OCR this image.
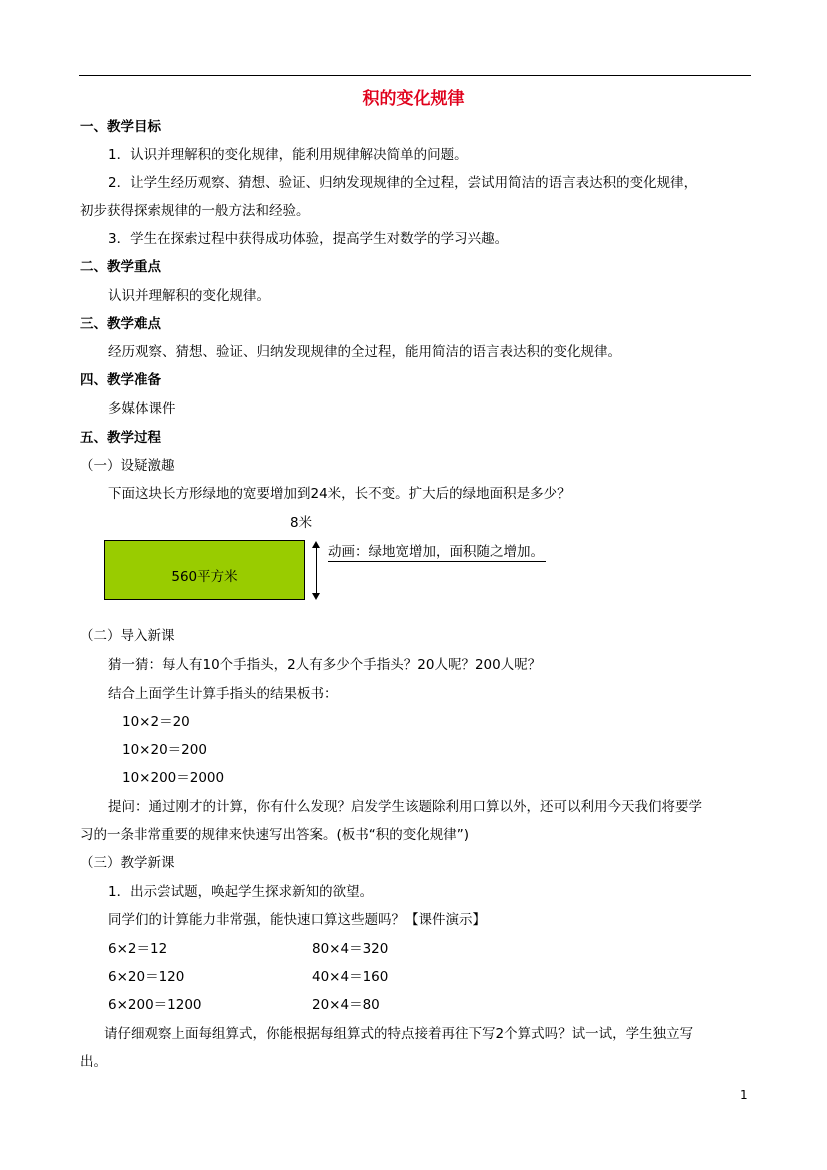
积的变化规律
一、教学目标
1．认识并理解积的变化规律，能利用规律解决简单的问题。
2．让学生经历观察、猜想、验证、归纳发现规律的全过程，尝试用简洁的语言表达积的变化规律，
初步获得探索规律的一般方法和经验。
3．学生在探索过程中获得成功体验，提高学生对数学的学习兴趣。
二、教学重点
认识并理解积的变化规律。
三、教学难点
经历观察、猜想、验证、归纳发现规律的全过程，能用简洁的语言表达积的变化规律。
四、教学准备
多媒体课件
五、教学过程
（一）设疑激趣
下面这块长方形绿地的宽要增加到24米，长不变。扩大后的绿地面积是多少？
8米
560平方米
动画：绿地宽增加，面积随之增加。
（二）导入新课
猜一猜：每人有10个手指头，2人有多少个手指头？20人呢？200人呢？
结合上面学生计算手指头的结果板书：
10×2＝20
10×20＝200
10×200＝2000
提问：通过刚才的计算，你有什么发现？启发学生该题除利用口算以外，还可以利用今天我们将要学
习的一条非常重要的规律来快速写出答案。(板书“积的变化规律”)
（三）教学新课
1．出示尝试题，唤起学生探求新知的欲望。
同学们的计算能力非常强，能快速口算这些题吗？【课件演示】
6×2＝12
6×20＝120
6×200＝1200
80×4＝320
40×4＝160
20×4＝80
请仔细观察上面每组算式，你能根据每组算式的特点接着再往下写2个算式吗？试一试，学生独立写
出。
1
